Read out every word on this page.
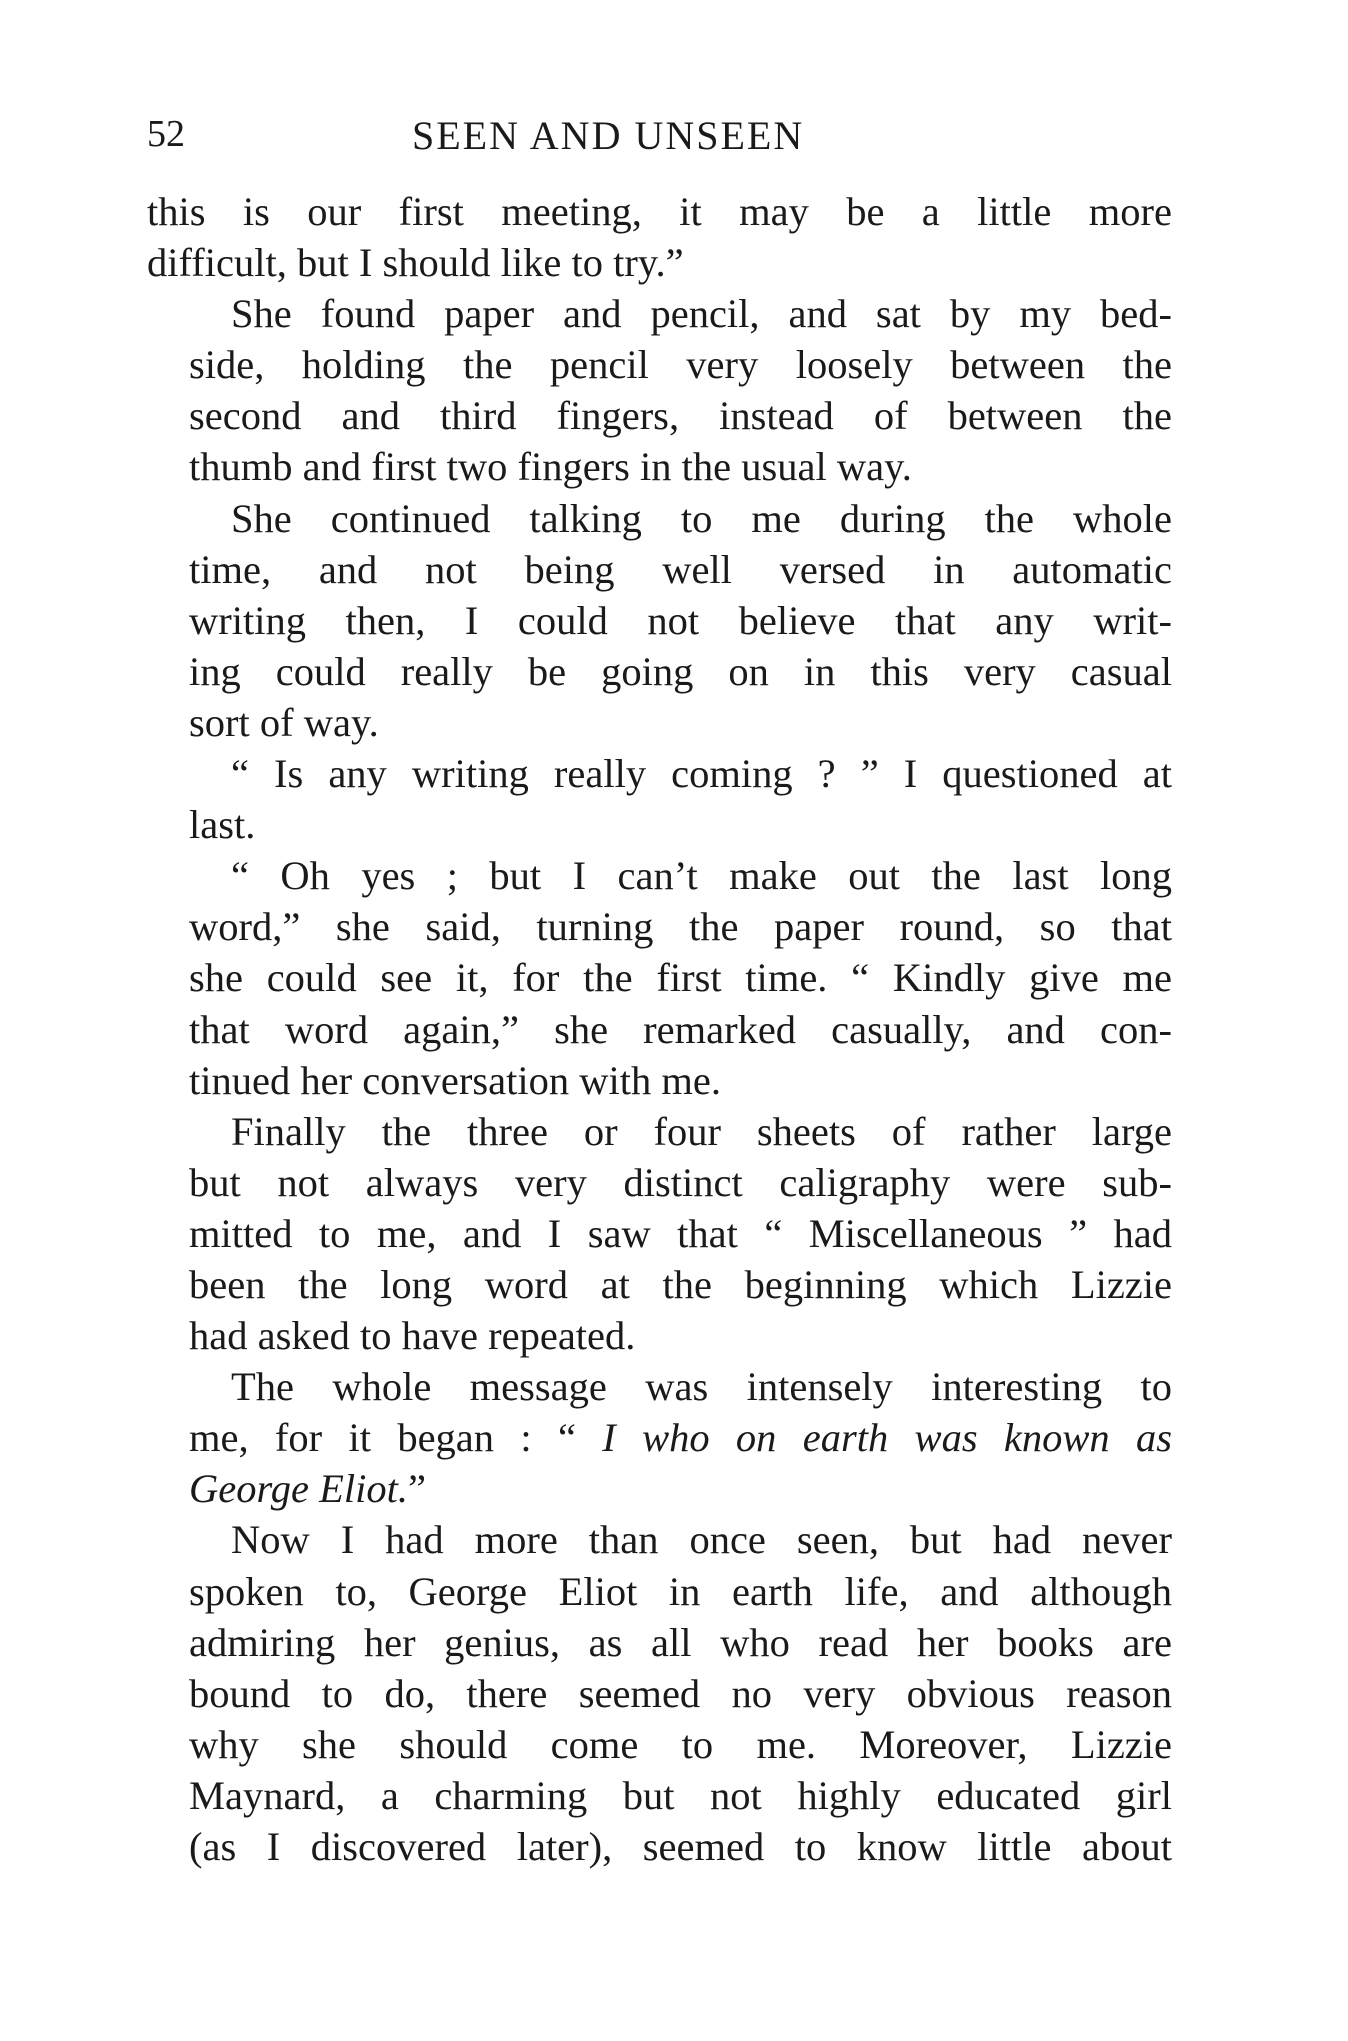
52	SEEN AND UNSEEN
this is our first meeting, it may be a little more
difficult, but I should like to try.”
She found paper and pencil, and sat by my bed-
side, holding the pencil very loosely between the
second and third fingers, instead of between the
thumb and first two fingers in the usual way.
She continued talking to me during the whole
time, and not being well versed in automatic
writing then, I could not believe that any writ-
ing could really be going on in this very casual
sort of way.
“ Is any writing really coming ? ” I questioned at
last.
“ Oh yes ; but I can’t make out the last long
word,” she said, turning the paper round, so that
she could see it, for the first time. “ Kindly give me
that word again,” she remarked casually, and con-
tinued her conversation with me.
Finally the three or four sheets of rather large
but not always very distinct caligraphy were sub-
mitted to me, and I saw that “ Miscellaneous ” had
been the long word at the beginning which Lizzie
had asked to have repeated.
The whole message was intensely interesting to
me, for it began : “ I who on earth was known as
George Eliot.”
Now I had more than once seen, but had never
spoken to, George Eliot in earth life, and although
admiring her genius, as all who read her books are
bound to do, there seemed no very obvious reason
why she should come to me. Moreover, Lizzie
Maynard, a charming but not highly educated girl
(as I discovered later), seemed to know little about
